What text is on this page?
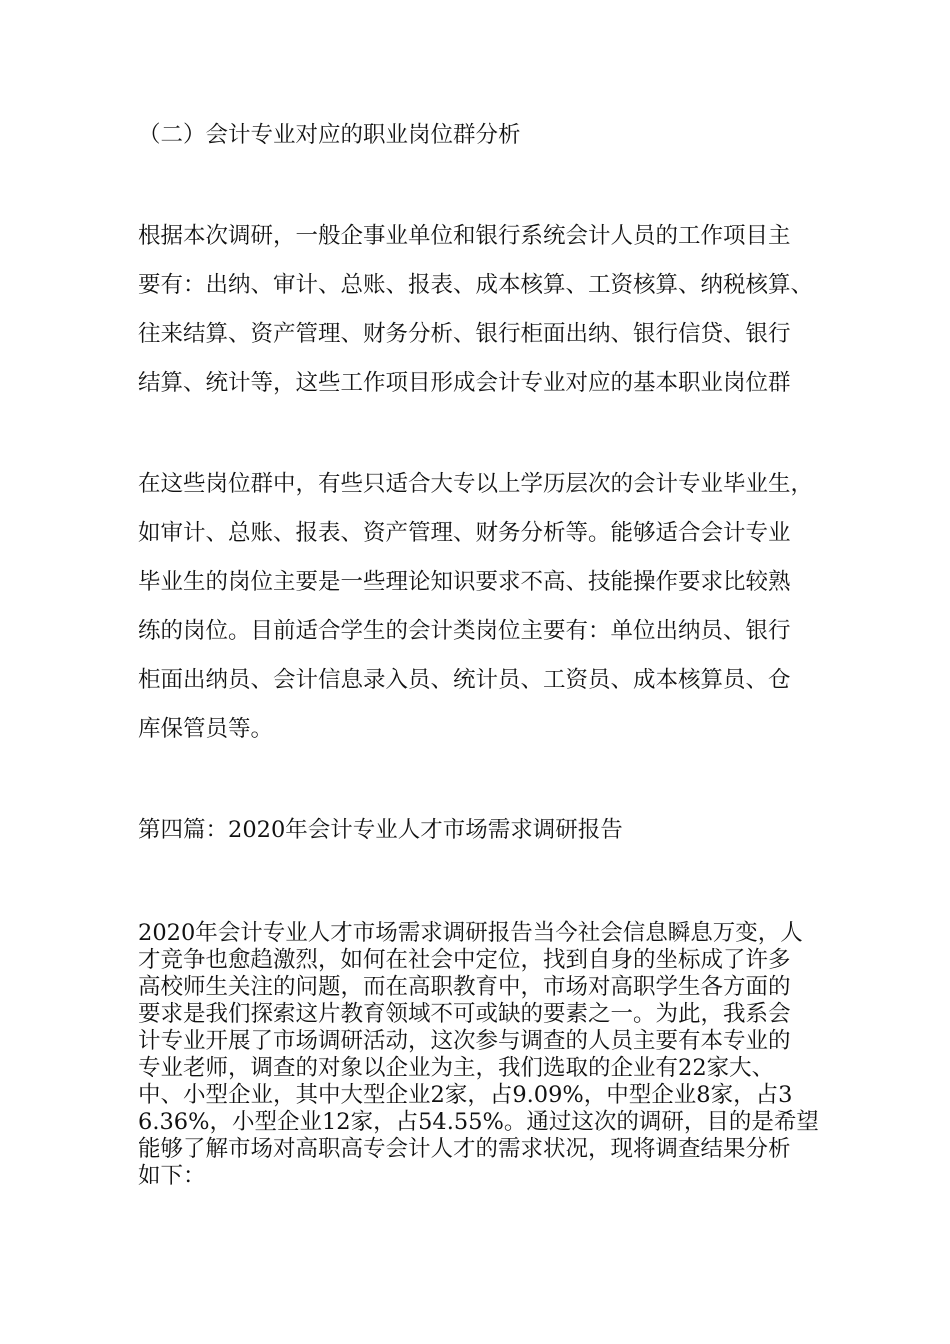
（二）会计专业对应的职业岗位群分析

根据本次调研，一般企事业单位和银行系统会计人员的工作项目主

要有：出纳、审计、总账、报表、成本核算、工资核算、纳税核算、

往来结算、资产管理、财务分析、银行柜面出纳、银行信贷、银行

结算、统计等，这些工作项目形成会计专业对应的基本职业岗位群

在这些岗位群中，有些只适合大专以上学历层次的会计专业毕业生，

如审计、总账、报表、资产管理、财务分析等。能够适合会计专业

毕业生的岗位主要是一些理论知识要求不高、技能操作要求比较熟

练的岗位。目前适合学生的会计类岗位主要有：单位出纳员、银行

柜面出纳员、会计信息录入员、统计员、工资员、成本核算员、仓

库保管员等。

第四篇：2020年会计专业人才市场需求调研报告

2020年会计专业人才市场需求调研报告当今社会信息瞬息万变，人

才竞争也愈趋激烈，如何在社会中定位，找到自身的坐标成了许多

高校师生关注的问题，而在高职教育中，市场对高职学生各方面的

要求是我们探索这片教育领域不可或缺的要素之一。为此，我系会

计专业开展了市场调研活动，这次参与调查的人员主要有本专业的

专业老师，调查的对象以企业为主，我们选取的企业有22家大、

中、小型企业，其中大型企业2家，占9.09%，中型企业8家，占3

6.36%，小型企业12家，占54.55%。通过这次的调研，目的是希望

能够了解市场对高职高专会计人才的需求状况，现将调查结果分析

如下：
